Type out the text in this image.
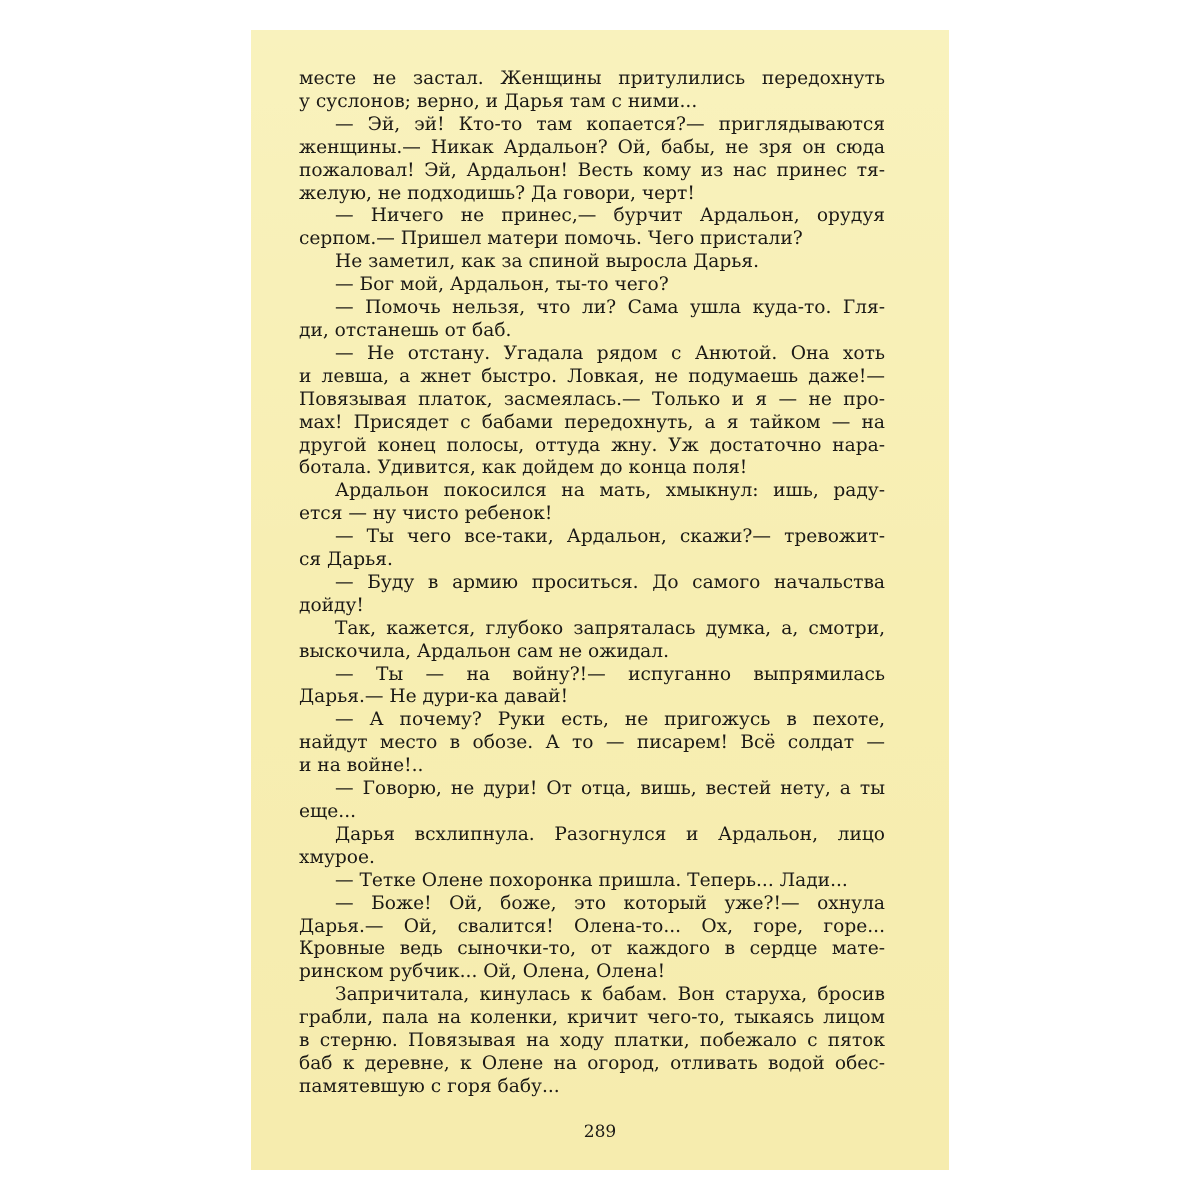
месте не застал. Женщины притулились передохнуть
у суслонов; верно, и Дарья там с ними...
— Эй, эй! Кто-то там копается?— приглядываются
женщины.— Никак Ардальон? Ой, бабы, не зря он сюда
пожаловал! Эй, Ардальон! Весть кому из нас принес тя-
желую, не подходишь? Да говори, черт!
— Ничего не принес,— бурчит Ардальон, орудуя
серпом.— Пришел матери помочь. Чего пристали?
Не заметил, как за спиной выросла Дарья.
— Бог мой, Ардальон, ты-то чего?
— Помочь нельзя, что ли? Сама ушла куда-то. Гля-
ди, отстанешь от баб.
— Не отстану. Угадала рядом с Анютой. Она хоть
и левша, а жнет быстро. Ловкая, не подумаешь даже!—
Повязывая платок, засмеялась.— Только и я — не про-
мах! Присядет с бабами передохнуть, а я тайком — на
другой конец полосы, оттуда жну. Уж достаточно нара-
ботала. Удивится, как дойдем до конца поля!
Ардальон покосился на мать, хмыкнул: ишь, раду-
ется — ну чисто ребенок!
— Ты чего все-таки, Ардальон, скажи?— тревожит-
ся Дарья.
— Буду в армию проситься. До самого начальства
дойду!
Так, кажется, глубоко запряталась думка, а, смотри,
выскочила, Ардальон сам не ожидал.
— Ты — на войну?!— испуганно выпрямилась
Дарья.— Не дури-ка давай!
— А почему? Руки есть, не пригожусь в пехоте,
найдут место в обозе. А то — писарем! Всё солдат —
и на войне!..
— Говорю, не дури! От отца, вишь, вестей нету, а ты
еще...
Дарья всхлипнула. Разогнулся и Ардальон, лицо
хмурое.
— Тетке Олене похоронка пришла. Теперь... Лади...
— Боже! Ой, боже, это который уже?!— охнула
Дарья.— Ой, свалится! Олена-то... Ох, горе, горе...
Кровные ведь сыночки-то, от каждого в сердце мате-
ринском рубчик... Ой, Олена, Олена!
Запричитала, кинулась к бабам. Вон старуха, бросив
грабли, пала на коленки, кричит чего-то, тыкаясь лицом
в стерню. Повязывая на ходу платки, побежало с пяток
баб к деревне, к Олене на огород, отливать водой обес-
памятевшую с горя бабу...
289
